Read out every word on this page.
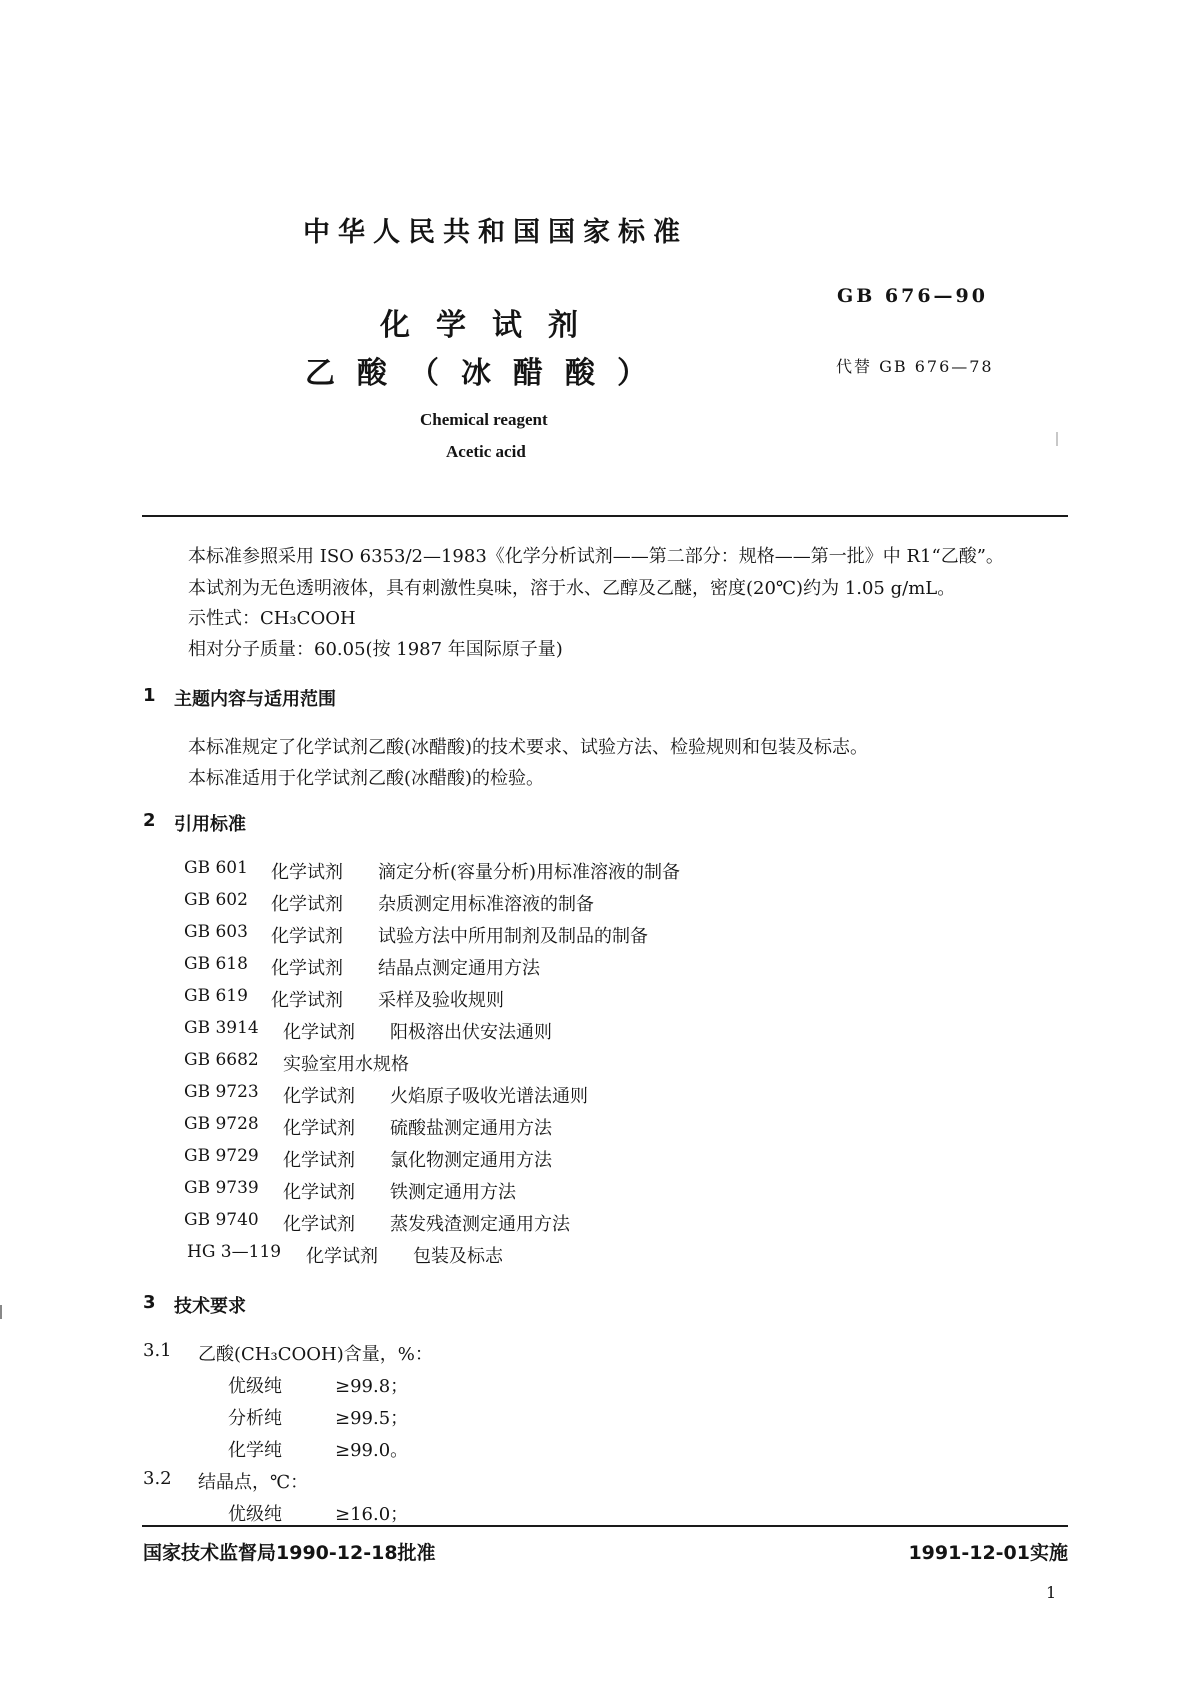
中华人民共和国国家标准
化学试剂
乙酸（冰醋酸）
GB 676—90
代替 GB 676—78
Chemical reagent
Acetic acid
本标准参照采用 ISO 6353/2—1983《化学分析试剂——第二部分：规格——第一批》中 R1“乙酸”。
本试剂为无色透明液体，具有刺激性臭味，溶于水、乙醇及乙醚，密度(20℃)约为 1.05 g/mL。
示性式：CH₃COOH
相对分子质量：60.05(按 1987 年国际原子量)
1 主题内容与适用范围
本标准规定了化学试剂乙酸(冰醋酸)的技术要求、试验方法、检验规则和包装及标志。
本标准适用于化学试剂乙酸(冰醋酸)的检验。
2 引用标准
GB 601 化学试剂 滴定分析(容量分析)用标准溶液的制备
GB 602 化学试剂 杂质测定用标准溶液的制备
GB 603 化学试剂 试验方法中所用制剂及制品的制备
GB 618 化学试剂 结晶点测定通用方法
GB 619 化学试剂 采样及验收规则
GB 3914 化学试剂 阳极溶出伏安法通则
GB 6682 实验室用水规格
GB 9723 化学试剂 火焰原子吸收光谱法通则
GB 9728 化学试剂 硫酸盐测定通用方法
GB 9729 化学试剂 氯化物测定通用方法
GB 9739 化学试剂 铁测定通用方法
GB 9740 化学试剂 蒸发残渣测定通用方法
HG 3—119 化学试剂 包装及标志
3 技术要求
3.1 乙酸(CH₃COOH)含量，%：
优级纯	≥99.8；
分析纯	≥99.5；
化学纯	≥99.0。
3.2 结晶点，℃：
优级纯	≥16.0；
国家技术监督局1990-12-18批准	1991-12-01实施
1
